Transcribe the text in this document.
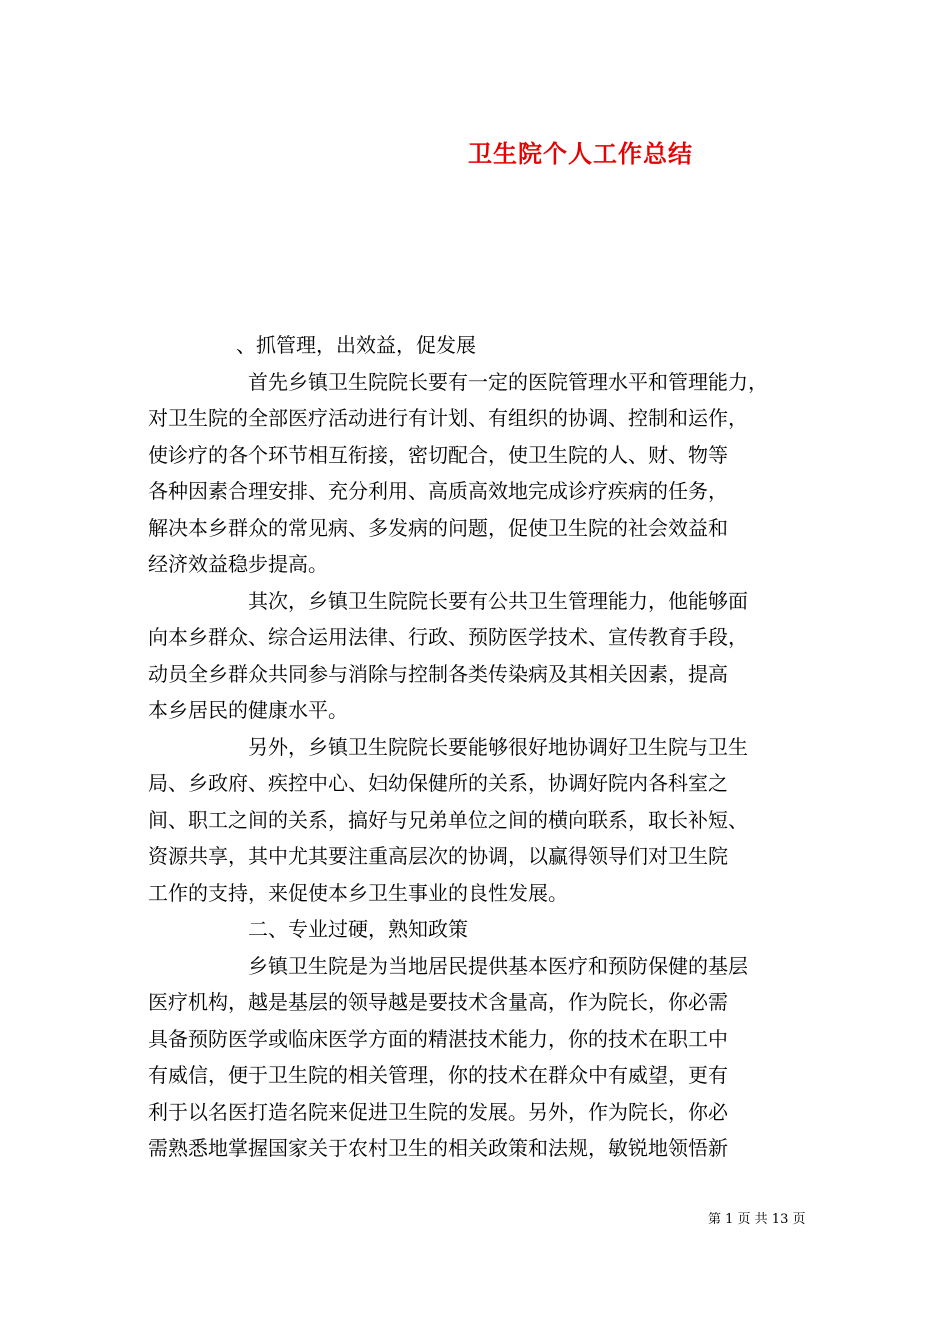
卫生院个人工作总结

、抓管理，出效益，促发展

首先乡镇卫生院院长要有一定的医院管理水平和管理能力，
对卫生院的全部医疗活动进行有计划、有组织的协调、控制和运作，
使诊疗的各个环节相互衔接，密切配合，使卫生院的人、财、物等
各种因素合理安排、充分利用、高质高效地完成诊疗疾病的任务，
解决本乡群众的常见病、多发病的问题，促使卫生院的社会效益和
经济效益稳步提高。

其次，乡镇卫生院院长要有公共卫生管理能力，他能够面
向本乡群众、综合运用法律、行政、预防医学技术、宣传教育手段，
动员全乡群众共同参与消除与控制各类传染病及其相关因素，提高
本乡居民的健康水平。

另外，乡镇卫生院院长要能够很好地协调好卫生院与卫生
局、乡政府、疾控中心、妇幼保健所的关系，协调好院内各科室之
间、职工之间的关系，搞好与兄弟单位之间的横向联系，取长补短、
资源共享，其中尤其要注重高层次的协调，以赢得领导们对卫生院
工作的支持，来促使本乡卫生事业的良性发展。

二、专业过硬，熟知政策

乡镇卫生院是为当地居民提供基本医疗和预防保健的基层
医疗机构，越是基层的领导越是要技术含量高，作为院长，你必需
具备预防医学或临床医学方面的精湛技术能力，你的技术在职工中
有威信，便于卫生院的相关管理，你的技术在群众中有威望，更有
利于以名医打造名院来促进卫生院的发展。另外，作为院长，你必
需熟悉地掌握国家关于农村卫生的相关政策和法规，敏锐地领悟新

第 1 页 共 13 页
